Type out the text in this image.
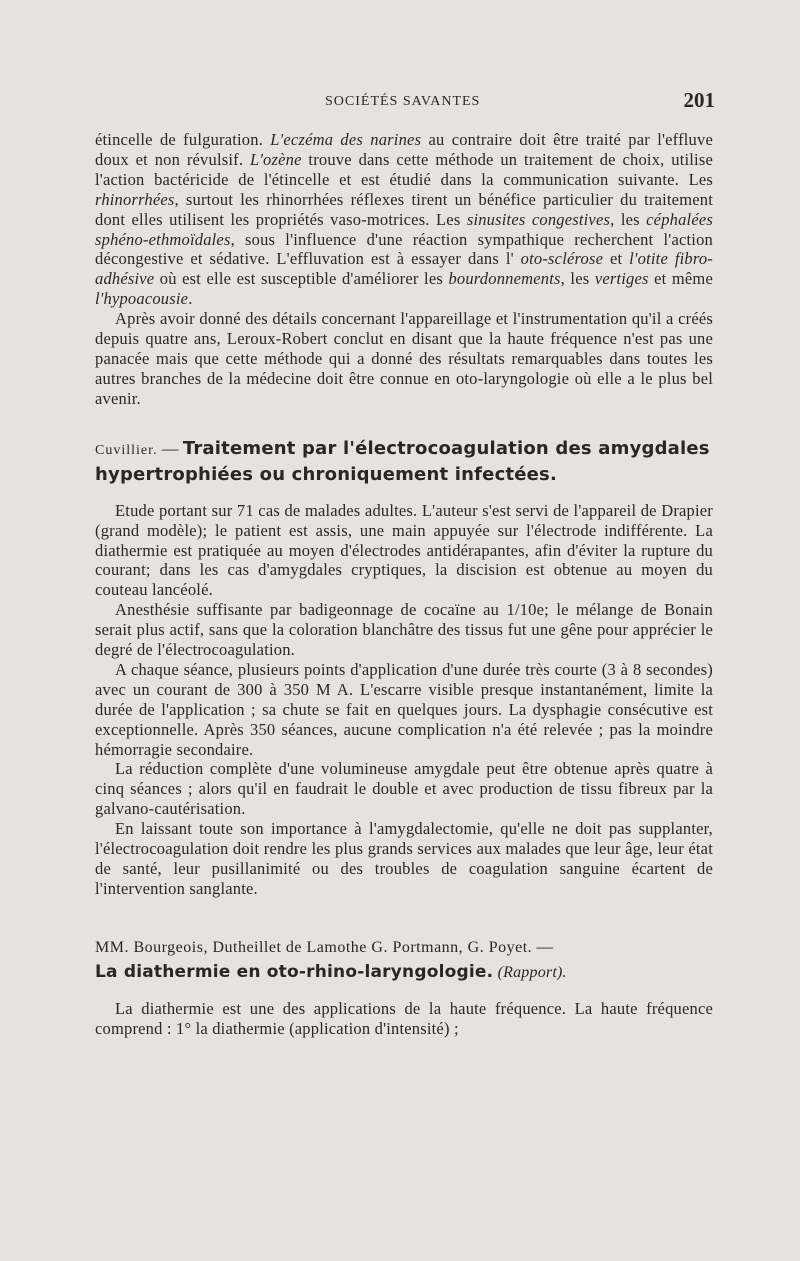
SOCIÉTÉS SAVANTES	201

étincelle de fulguration. L'eczéma des narines au contraire doit être traité par l'effluve doux et non révulsif. L'ozène trouve dans cette méthode un traitement de choix, utilise l'action bactéricide de l'étincelle et est étudié dans la communication suivante. Les rhinorrhées, surtout les rhinorrhées réflexes tirent un bénéfice particulier du traitement dont elles utilisent les propriétés vaso-motrices. Les sinusites congestives, les céphalées sphéno-ethmoïdales, sous l'influence d'une réaction sympathique recherchent l'action décongestive et sédative. L'effluvation est à essayer dans l' oto-sclérose et l'otite fibro-adhésive où est elle est susceptible d'améliorer les bourdonnements, les vertiges et même l'hypoacousie.

Après avoir donné des détails concernant l'appareillage et l'instrumentation qu'il a créés depuis quatre ans, Leroux-Robert conclut en disant que la haute fréquence n'est pas une panacée mais que cette méthode qui a donné des résultats remarquables dans toutes les autres branches de la médecine doit être connue en oto-laryngologie où elle a le plus bel avenir.

Cuvillier. — Traitement par l'électrocoagulation des amygdales hypertrophiées ou chroniquement infectées.

Etude portant sur 71 cas de malades adultes. L'auteur s'est servi de l'appareil de Drapier (grand modèle); le patient est assis, une main appuyée sur l'électrode indifférente. La diathermie est pratiquée au moyen d'électrodes antidérapantes, afin d'éviter la rupture du courant; dans les cas d'amygdales cryptiques, la discision est obtenue au moyen du couteau lancéolé.

Anesthésie suffisante par badigeonnage de cocaïne au 1/10e; le mélange de Bonain serait plus actif, sans que la coloration blanchâtre des tissus fut une gêne pour apprécier le degré de l'électrocoagulation.

A chaque séance, plusieurs points d'application d'une durée très courte (3 à 8 secondes) avec un courant de 300 à 350 M A. L'escarre visible presque instantanément, limite la durée de l'application ; sa chute se fait en quelques jours. La dysphagie consécutive est exceptionnelle. Après 350 séances, aucune complication n'a été relevée ; pas la moindre hémorragie secondaire.

La réduction complète d'une volumineuse amygdale peut être obtenue après quatre à cinq séances ; alors qu'il en faudrait le double et avec production de tissu fibreux par la galvano-cautérisation.

En laissant toute son importance à l'amygdalectomie, qu'elle ne doit pas supplanter, l'électrocoagulation doit rendre les plus grands services aux malades que leur âge, leur état de santé, leur pusillanimité ou des troubles de coagulation sanguine écartent de l'intervention sanglante.

MM. Bourgeois, Dutheillet de Lamothe G. Portmann, G. Poyet. —
La diathermie en oto-rhino-laryngologie. (Rapport).

La diathermie est une des applications de la haute fréquence. La haute fréquence comprend : 1° la diathermie (application d'intensité) ;
